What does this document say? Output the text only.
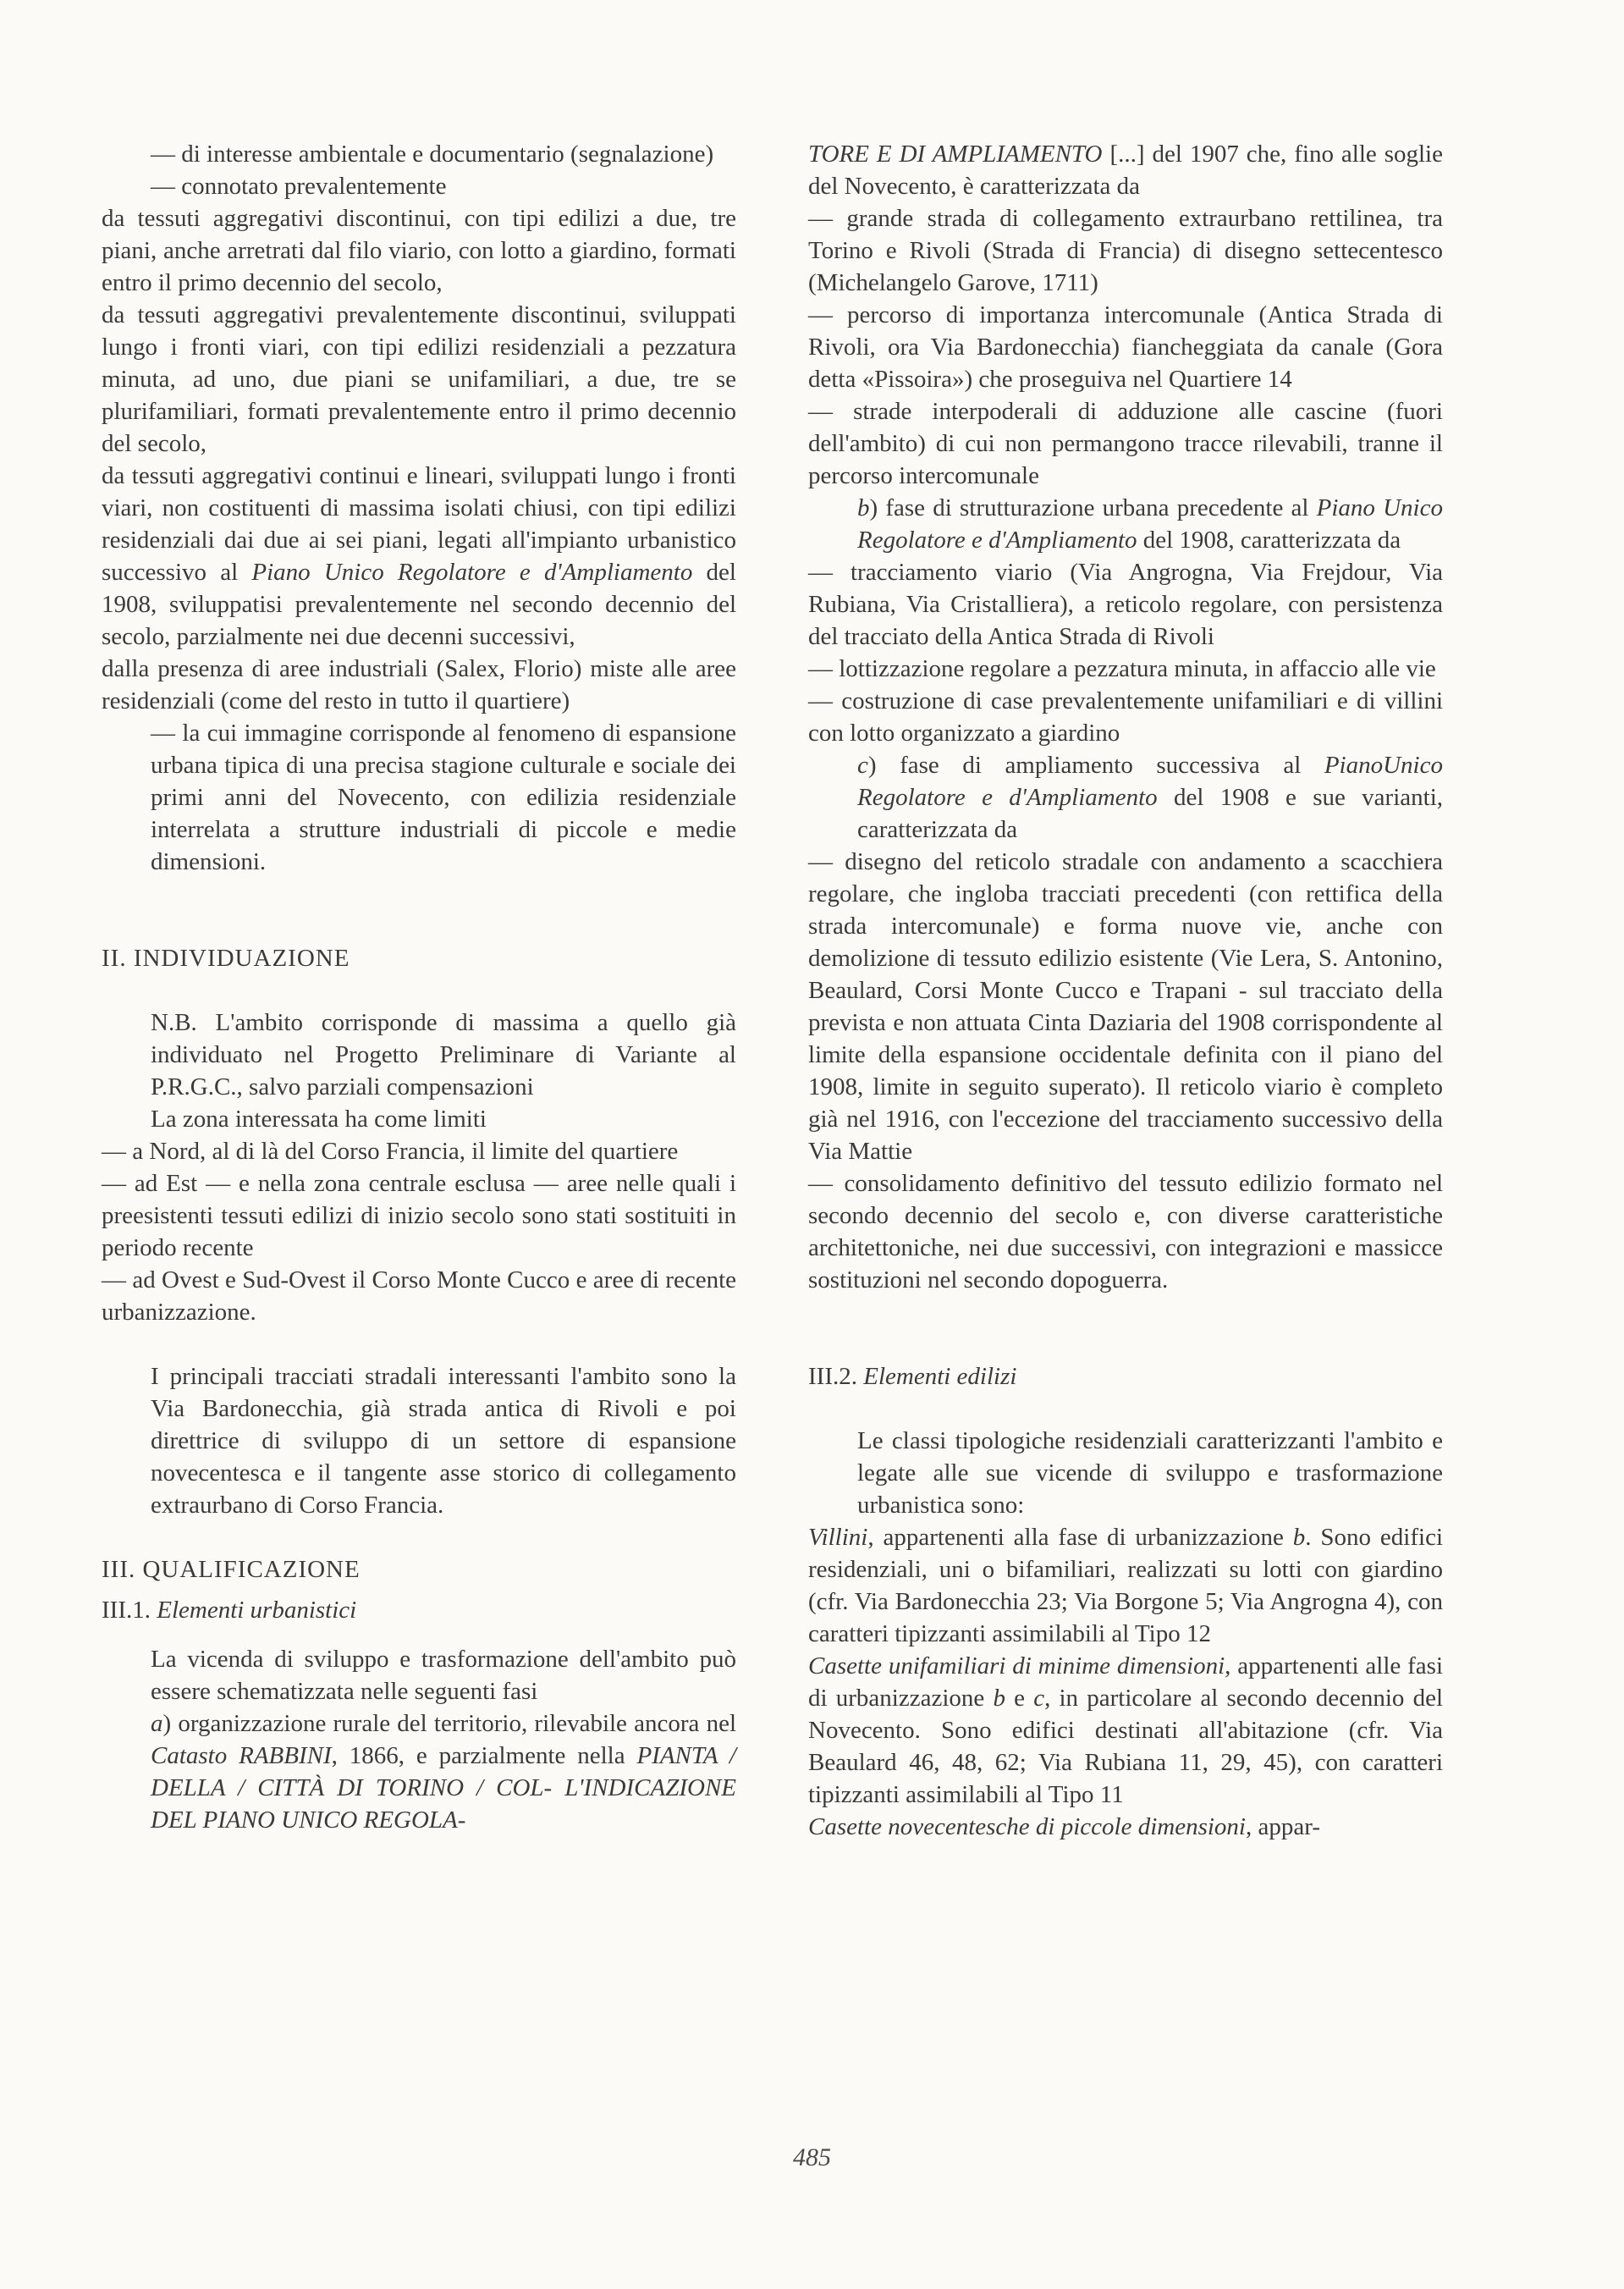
— di interesse ambientale e documentario (segnalazione)
— connotato prevalentemente
da tessuti aggregativi discontinui, con tipi edilizi a due, tre piani, anche arretrati dal filo viario, con lotto a giardino, formati entro il primo decennio del secolo,
da tessuti aggregativi prevalentemente discontinui, sviluppati lungo i fronti viari, con tipi edilizi residenziali a pezzatura minuta, ad uno, due piani se unifamiliari, a due, tre se plurifamiliari, formati prevalentemente entro il primo decennio del secolo,
da tessuti aggregativi continui e lineari, sviluppati lungo i fronti viari, non costituenti di massima isolati chiusi, con tipi edilizi residenziali dai due ai sei piani, legati all'impianto urbanistico successivo al Piano Unico Regolatore e d'Ampliamento del 1908, sviluppatisi prevalentemente nel secondo decennio del secolo, parzialmente nei due decenni successivi,
dalla presenza di aree industriali (Salex, Florio) miste alle aree residenziali (come del resto in tutto il quartiere)
— la cui immagine corrisponde al fenomeno di espansione urbana tipica di una precisa stagione culturale e sociale dei primi anni del Novecento, con edilizia residenziale interrelata a strutture industriali di piccole e medie dimensioni.
II. INDIVIDUAZIONE
N.B. L'ambito corrisponde di massima a quello già individuato nel Progetto Preliminare di Variante al P.R.G.C., salvo parziali compensazioni
La zona interessata ha come limiti
— a Nord, al di là del Corso Francia, il limite del quartiere
— ad Est — e nella zona centrale esclusa — aree nelle quali i preesistenti tessuti edilizi di inizio secolo sono stati sostituiti in periodo recente
— ad Ovest e Sud-Ovest il Corso Monte Cucco e aree di recente urbanizzazione.
I principali tracciati stradali interessanti l'ambito sono la Via Bardonecchia, già strada antica di Rivoli e poi direttrice di sviluppo di un settore di espansione novecentesca e il tangente asse storico di collegamento extraurbano di Corso Francia.
III. QUALIFICAZIONE
III.1. Elementi urbanistici
La vicenda di sviluppo e trasformazione dell'ambito può essere schematizzata nelle seguenti fasi
a) organizzazione rurale del territorio, rilevabile ancora nel Catasto RABBINI, 1866, e parzialmente nella PIANTA / DELLA / CITTÀ DI TORINO / COL- L'INDICAZIONE DEL PIANO UNICO REGOLA-
TORE E DI AMPLIAMENTO [...] del 1907 che, fino alle soglie del Novecento, è caratterizzata da
— grande strada di collegamento extraurbano rettilinea, tra Torino e Rivoli (Strada di Francia) di disegno settecentesco (Michelangelo Garove, 1711)
— percorso di importanza intercomunale (Antica Strada di Rivoli, ora Via Bardonecchia) fiancheggiata da canale (Gora detta «Pissoira») che proseguiva nel Quartiere 14
— strade interpoderali di adduzione alle cascine (fuori dell'ambito) di cui non permangono tracce rilevabili, tranne il percorso intercomunale
b) fase di strutturazione urbana precedente al Piano Unico Regolatore e d'Ampliamento del 1908, caratterizzata da
— tracciamento viario (Via Angrogna, Via Frejdour, Via Rubiana, Via Cristalliera), a reticolo regolare, con persistenza del tracciato della Antica Strada di Rivoli
— lottizzazione regolare a pezzatura minuta, in affaccio alle vie
— costruzione di case prevalentemente unifamiliari e di villini con lotto organizzato a giardino
c) fase di ampliamento successiva al PianoUnico Regolatore e d'Ampliamento del 1908 e sue varianti, caratterizzata da
— disegno del reticolo stradale con andamento a scacchiera regolare, che ingloba tracciati precedenti (con rettifica della strada intercomunale) e forma nuove vie, anche con demolizione di tessuto edilizio esistente (Vie Lera, S. Antonino, Beaulard, Corsi Monte Cucco e Trapani - sul tracciato della prevista e non attuata Cinta Daziaria del 1908 corrispondente al limite della espansione occidentale definita con il piano del 1908, limite in seguito superato). Il reticolo viario è completo già nel 1916, con l'eccezione del tracciamento successivo della Via Mattie
— consolidamento definitivo del tessuto edilizio formato nel secondo decennio del secolo e, con diverse caratteristiche architettoniche, nei due successivi, con integrazioni e massicce sostituzioni nel secondo dopoguerra.
III.2. Elementi edilizi
Le classi tipologiche residenziali caratterizzanti l'ambito e legate alle sue vicende di sviluppo e trasformazione urbanistica sono:
Villini, appartenenti alla fase di urbanizzazione b. Sono edifici residenziali, uni o bifamiliari, realizzati su lotti con giardino (cfr. Via Bardonecchia 23; Via Borgone 5; Via Angrogna 4), con caratteri tipizzanti assimilabili al Tipo 12
Casette unifamiliari di minime dimensioni, appartenenti alle fasi di urbanizzazione b e c, in particolare al secondo decennio del Novecento. Sono edifici destinati all'abitazione (cfr. Via Beaulard 46, 48, 62; Via Rubiana 11, 29, 45), con caratteri tipizzanti assimilabili al Tipo 11
Casette novecentesche di piccole dimensioni, appar-
485
